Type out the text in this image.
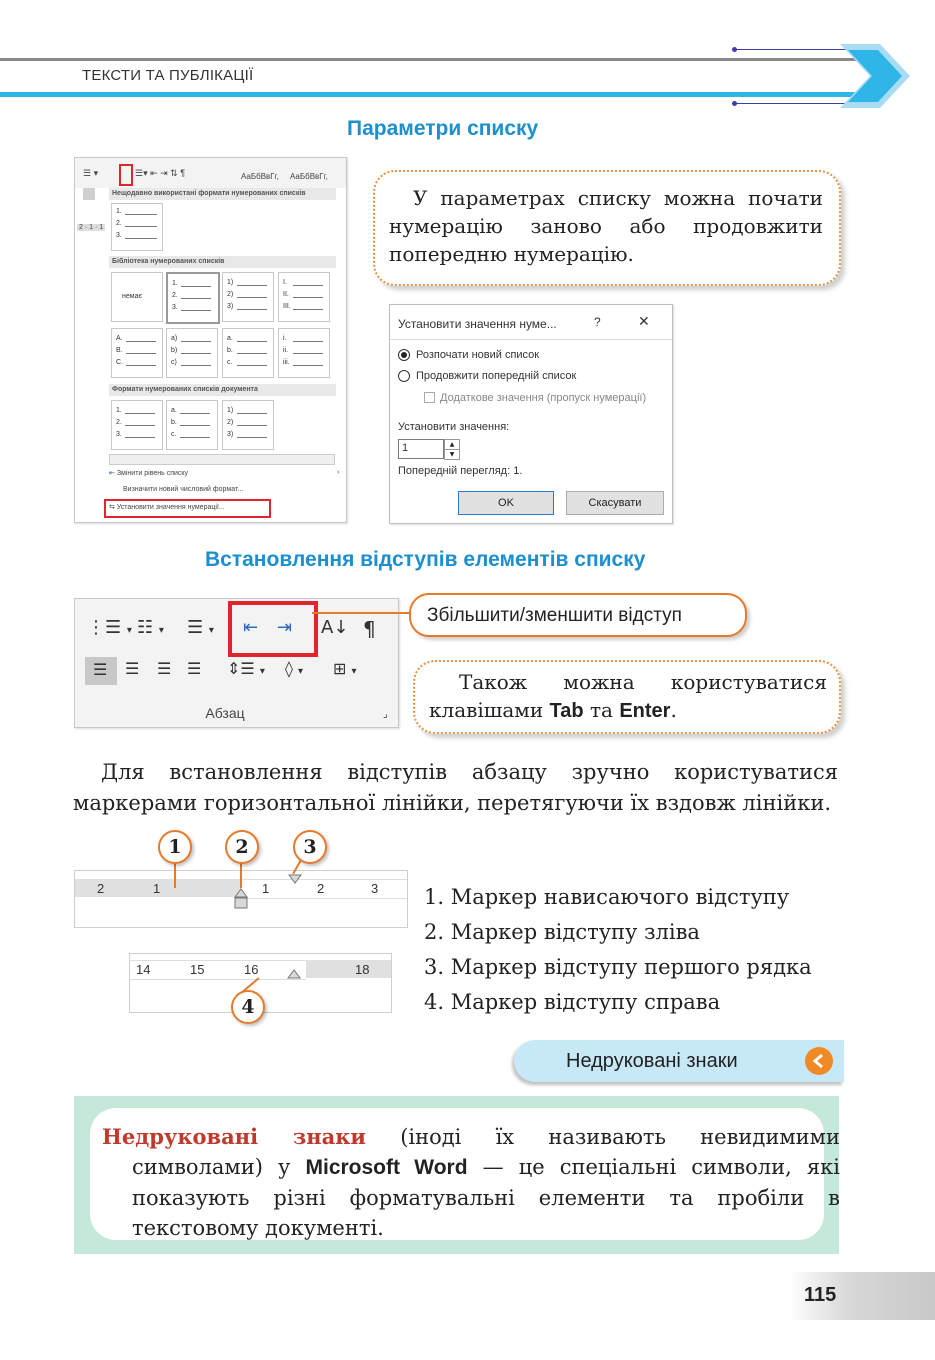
ТЕКСТИ ТА ПУБЛІКАЦІЇ
Параметри списку
☰ ▾	☰▾ ⇤ ⇥ ⇅ ¶	АаБбВвГг, АаБбВвГг,
2 · 1 · 1
Нещодавно використані формати нумерованих списків
1.
2.
3.
Бібліотека нумерованих списків
немає
1.
2.
3.
1)
2)
3)
I.
II.
III.
A.
B.
C.
a)
b)
c)
a.
b.
c.
i.
ii.
iii.
Формати нумерованих списків документа
1.
2.
3.
a.
b.
c.
1)
2)
3)
⇤ Змінити рівень списку	›
Визначити новий числовий формат...
⇆ Установити значення нумерації...
У параметрах списку можна почати нумерацію заново або продовжити попередню нумерацію.
Установити значення нуме...	?	✕
Розпочати новий список
Продовжити попередній список
Додаткове значення (пропуск нумерації)
Установити значення:
1	▲
▼
Попередній перегляд: 1.
OK	Скасувати
Встановлення відступів елементів списку
⋮☰ ▾ ☷ ▾ ☰ ▾ ⇤ ⇥ A↓ ¶
☰ ☰ ☰ ☰ ⇕☰ ▾ ◊ ▾ ⊞ ▾
Абзац	⌟
Збільшити/зменшити відступ
Також можна користуватися клавішами Tab та Enter.
Для встановлення відступів абзацу зручно користуватися маркерами горизонтальної лінійки, перетягуючи їх вздовж лінійки.
2	1	1	2	3
1	2	3
14	15	16	18
4
1. Маркер нависаючого відступу
2. Маркер відступу зліва
3. Маркер відступу першого рядка
4. Маркер відступу справа
Недруковані знаки
Недруковані знаки (іноді їх називають невидимими символами) у Microsoft Word — це спеціальні символи, які показують різні форматувальні елементи та пробіли в текстовому документі.
115
